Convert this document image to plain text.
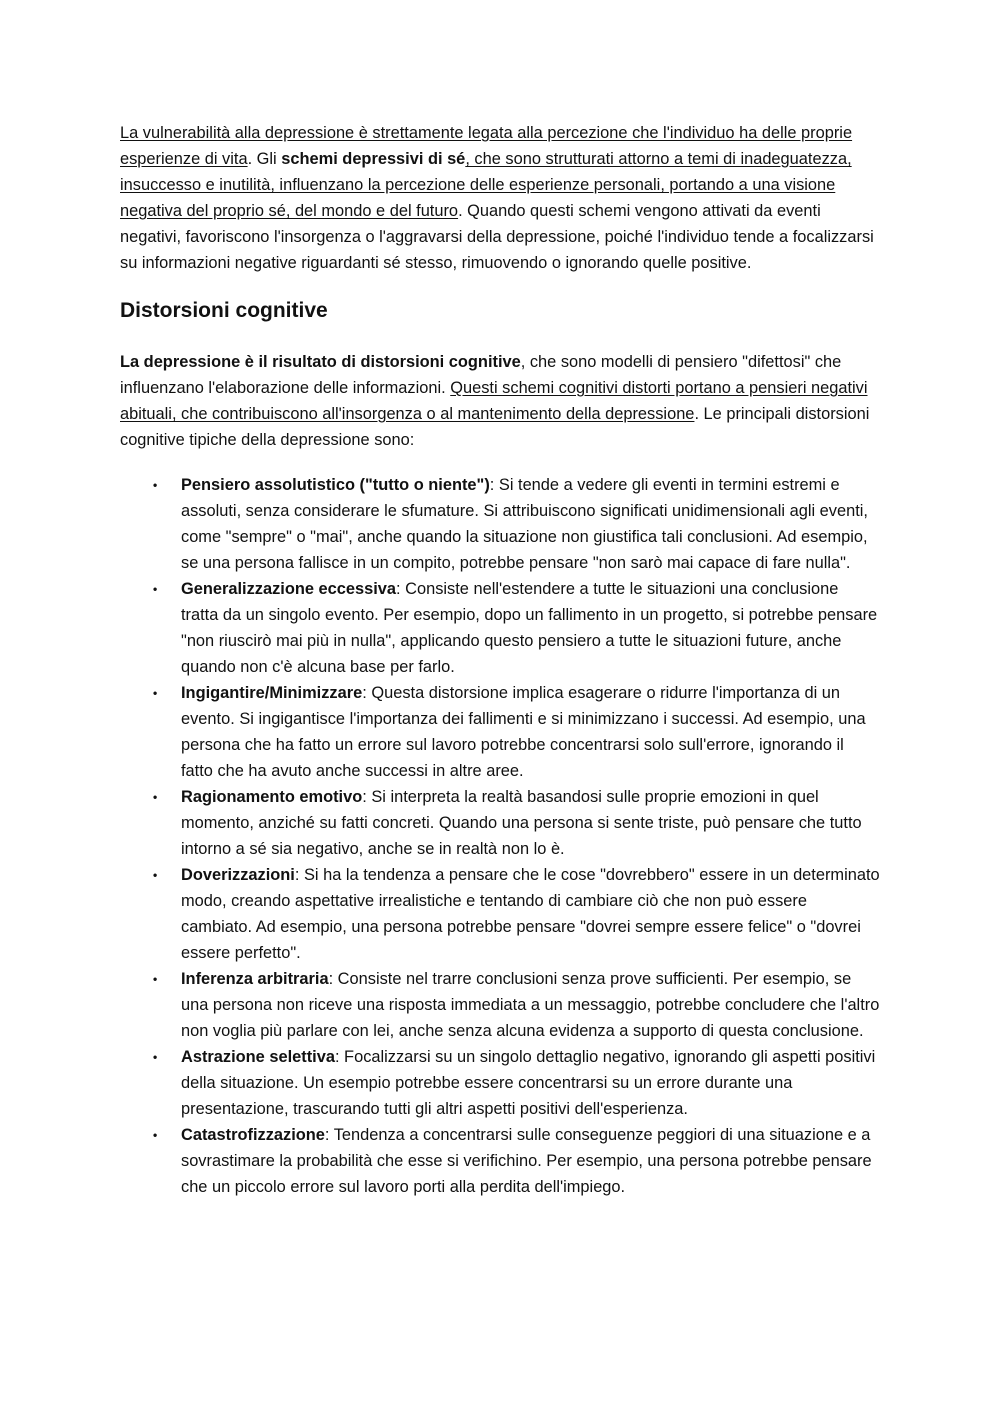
La vulnerabilità alla depressione è strettamente legata alla percezione che l'individuo ha delle proprie esperienze di vita. Gli schemi depressivi di sé, che sono strutturati attorno a temi di inadeguatezza, insuccesso e inutilità, influenzano la percezione delle esperienze personali, portando a una visione negativa del proprio sé, del mondo e del futuro. Quando questi schemi vengono attivati da eventi negativi, favoriscono l'insorgenza o l'aggravarsi della depressione, poiché l'individuo tende a focalizzarsi su informazioni negative riguardanti sé stesso, rimuovendo o ignorando quelle positive.

Distorsioni cognitive

La depressione è il risultato di distorsioni cognitive, che sono modelli di pensiero "difettosi" che influenzano l'elaborazione delle informazioni. Questi schemi cognitivi distorti portano a pensieri negativi abituali, che contribuiscono all'insorgenza o al mantenimento della depressione. Le principali distorsioni cognitive tipiche della depressione sono:

• Pensiero assolutistico ("tutto o niente"): Si tende a vedere gli eventi in termini estremi e assoluti, senza considerare le sfumature. Si attribuiscono significati unidimensionali agli eventi, come "sempre" o "mai", anche quando la situazione non giustifica tali conclusioni. Ad esempio, se una persona fallisce in un compito, potrebbe pensare "non sarò mai capace di fare nulla".
• Generalizzazione eccessiva: Consiste nell'estendere a tutte le situazioni una conclusione tratta da un singolo evento. Per esempio, dopo un fallimento in un progetto, si potrebbe pensare "non riuscirò mai più in nulla", applicando questo pensiero a tutte le situazioni future, anche quando non c'è alcuna base per farlo.
• Ingigantire/Minimizzare: Questa distorsione implica esagerare o ridurre l'importanza di un evento. Si ingigantisce l'importanza dei fallimenti e si minimizzano i successi. Ad esempio, una persona che ha fatto un errore sul lavoro potrebbe concentrarsi solo sull'errore, ignorando il fatto che ha avuto anche successi in altre aree.
• Ragionamento emotivo: Si interpreta la realtà basandosi sulle proprie emozioni in quel momento, anziché su fatti concreti. Quando una persona si sente triste, può pensare che tutto intorno a sé sia negativo, anche se in realtà non lo è.
• Doverizzazioni: Si ha la tendenza a pensare che le cose "dovrebbero" essere in un determinato modo, creando aspettative irrealistiche e tentando di cambiare ciò che non può essere cambiato. Ad esempio, una persona potrebbe pensare "dovrei sempre essere felice" o "dovrei essere perfetto".
• Inferenza arbitraria: Consiste nel trarre conclusioni senza prove sufficienti. Per esempio, se una persona non riceve una risposta immediata a un messaggio, potrebbe concludere che l'altro non voglia più parlare con lei, anche senza alcuna evidenza a supporto di questa conclusione.
• Astrazione selettiva: Focalizzarsi su un singolo dettaglio negativo, ignorando gli aspetti positivi della situazione. Un esempio potrebbe essere concentrarsi su un errore durante una presentazione, trascurando tutti gli altri aspetti positivi dell'esperienza.
• Catastrofizzazione: Tendenza a concentrarsi sulle conseguenze peggiori di una situazione e a sovrastimare la probabilità che esse si verifichino. Per esempio, una persona potrebbe pensare che un piccolo errore sul lavoro porti alla perdita dell'impiego.
